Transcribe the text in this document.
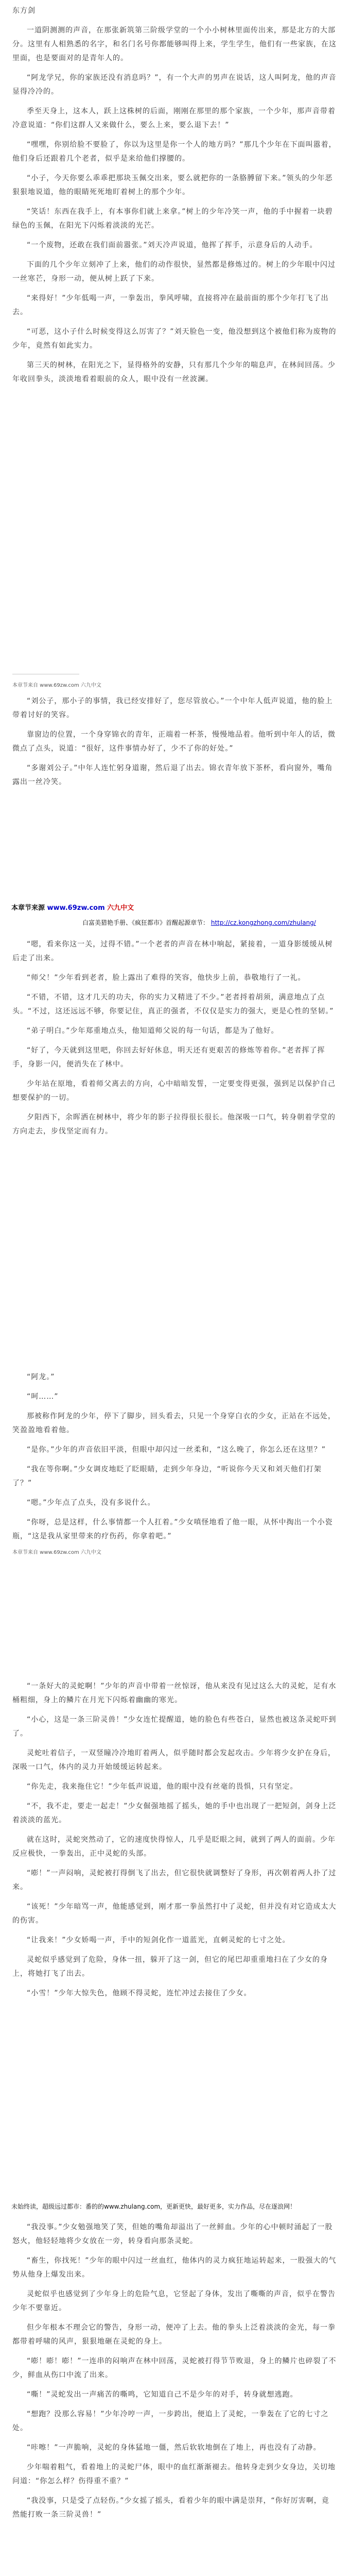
东方剑

一道阴测测的声音，在那张新筑第三阶级学堂的一个小小树林里面传出来，那是北方的大部分。这里有人相熟悉的名字，和名门名号你都能够叫得上来，学生学生，他们有一些家族，在这里面，也是要面对的是青年人的。

“阿龙学兄，你的家族还没有消息吗？”，有一个大声的男声在说话，这人叫阿龙，他的声音显得冷冷的。

季至天身上，这本人，跃上这株树的后面，刚刚在那里的那个家族，一个少年，那声音带着冷意说道：“你们这群人又来做什么，要么上来，要么退下去！”

“嘿嘿，你别给脸不要脸了，你以为这里是你一个人的地方吗？”那几个少年在下面叫嚣着，他们身后还跟着几个老者，似乎是来给他们撑腰的。

“小子，今天你要么乖乖把那块玉佩交出来，要么就把你的一条胳膊留下来。”领头的少年恶狠狠地说道，他的眼睛死死地盯着树上的那个少年。

“笑话！东西在我手上，有本事你们就上来拿。”树上的少年冷笑一声，他的手中握着一块碧绿色的玉佩，在阳光下闪烁着淡淡的光芒。

“一个废物，还敢在我们面前嚣张。”刘天冷声说道，他挥了挥手，示意身后的人动手。

下面的几个少年立刻冲了上来，他们的动作很快，显然都是修炼过的。树上的少年眼中闪过一丝寒芒，身形一动，便从树上跃了下来。

“来得好！”少年低喝一声，一拳轰出，拳风呼啸，直接将冲在最前面的那个少年打飞了出去。

“可恶，这小子什么时候变得这么厉害了？”刘天脸色一变，他没想到这个被他们称为废物的少年，竟然有如此实力。

第三天的树林，在阳光之下，显得格外的安静，只有那几个少年的喘息声，在林间回荡。少年收回拳头，淡淡地看着眼前的众人，眼中没有一丝波澜。

本章节来自 www.69zw.com 六九中文

“刘公子，那小子的事情，我已经安排好了，您尽管放心。”一个中年人低声说道，他的脸上带着讨好的笑容。

靠窗边的位置，一个身穿锦衣的青年，正端着一杯茶，慢慢地品着。他听到中年人的话，微微点了点头，说道：“很好，这件事情办好了，少不了你的好处。”

“多谢刘公子。”中年人连忙躬身道谢，然后退了出去。锦衣青年放下茶杯，看向窗外，嘴角露出一丝冷笑。

本章节来源 www.69zw.com 六九中文
白富美猎艳手册、《疯狂都市》首醒起源章节： http://cz.kongzhong.com/zhulang/

“嗯，看来你这一关，过得不错。”一个老者的声音在林中响起，紧接着，一道身影缓缓从树后走了出来。

“师父！”少年看到老者，脸上露出了难得的笑容，他快步上前，恭敬地行了一礼。

“不错，不错，这才几天的功夫，你的实力又精进了不少。”老者捋着胡须，满意地点了点头。“不过，这还远远不够，你要记住，真正的强者，不仅仅是实力的强大，更是心性的坚韧。”

“弟子明白。”少年郑重地点头，他知道师父说的每一句话，都是为了他好。

“好了，今天就到这里吧，你回去好好休息，明天还有更艰苦的修炼等着你。”老者挥了挥手，身影一闪，便消失在了林中。

少年站在原地，看着师父离去的方向，心中暗暗发誓，一定要变得更强，强到足以保护自己想要保护的一切。

夕阳西下，余晖洒在树林中，将少年的影子拉得很长很长。他深吸一口气，转身朝着学堂的方向走去，步伐坚定而有力。

“阿龙。”

“呵……”

那被称作阿龙的少年，停下了脚步，回头看去，只见一个身穿白衣的少女，正站在不远处，笑盈盈地看着他。

“是你。”少年的声音依旧平淡，但眼中却闪过一丝柔和，“这么晚了，你怎么还在这里？”

“我在等你啊。”少女调皮地眨了眨眼睛，走到少年身边，“听说你今天又和刘天他们打架了？”

“嗯。”少年点了点头，没有多说什么。

“你呀，总是这样，什么事情都一个人扛着。”少女嗔怪地看了他一眼，从怀中掏出一个小瓷瓶，“这是我从家里带来的疗伤药，你拿着吧。”

本章节来自 www.69zw.com 六九中文

“一条好大的灵蛇啊！”少年的声音中带着一丝惊讶，他从来没有见过这么大的灵蛇，足有水桶粗细，身上的鳞片在月光下闪烁着幽幽的寒光。

“小心，这是一条三阶灵兽！”少女连忙提醒道，她的脸色有些苍白，显然也被这条灵蛇吓到了。

灵蛇吐着信子，一双竖瞳冷冷地盯着两人，似乎随时都会发起攻击。少年将少女护在身后，深吸一口气，体内的灵力开始缓缓运转起来。

“你先走，我来拖住它！”少年低声说道，他的眼中没有丝毫的畏惧，只有坚定。

“不，我不走，要走一起走！”少女倔强地摇了摇头，她的手中也出现了一把短剑，剑身上泛着淡淡的蓝光。

就在这时，灵蛇突然动了，它的速度快得惊人，几乎是眨眼之间，就到了两人的面前。少年反应极快，一拳轰出，正中灵蛇的头部。

“嘭！”一声闷响，灵蛇被打得倒飞了出去，但它很快就调整好了身形，再次朝着两人扑了过来。

“该死！”少年暗骂一声，他能感觉到，刚才那一拳虽然打中了灵蛇，但并没有对它造成太大的伤害。

“让我来！”少女娇喝一声，手中的短剑化作一道蓝光，直刺灵蛇的七寸之处。

灵蛇似乎感觉到了危险，身体一扭，躲开了这一剑，但它的尾巴却重重地扫在了少女的身上，将她打飞了出去。

“小雪！”少年大惊失色，他顾不得灵蛇，连忙冲过去接住了少女。

未始终读，超级远过都市：番的的www.zhulang.com，更新更快，最好更多，实力作品，尽在逐浪网！

“我没事。”少女勉强地笑了笑，但她的嘴角却溢出了一丝鲜血。少年的心中顿时涌起了一股怒火，他轻轻地将少女放在一旁，转身看向那条灵蛇。

“畜生，你找死！”少年的眼中闪过一丝血红，他体内的灵力疯狂地运转起来，一股强大的气势从他身上爆发出来。

灵蛇似乎也感觉到了少年身上的危险气息，它竖起了身体，发出了嘶嘶的声音，似乎在警告少年不要靠近。

但少年根本不理会它的警告，身形一动，便冲了上去。他的拳头上泛着淡淡的金光，每一拳都带着呼啸的风声，狠狠地砸在灵蛇的身上。

“嘭！嘭！嘭！”一连串的闷响声在林中回荡，灵蛇被打得节节败退，身上的鳞片也碎裂了不少，鲜血从伤口中流了出来。

“嘶！”灵蛇发出一声痛苦的嘶鸣，它知道自己不是少年的对手，转身就想逃跑。

“想跑？没那么容易！”少年冷哼一声，一步跨出，便追上了灵蛇，一拳轰在了它的七寸之处。

“咔嚓！”一声脆响，灵蛇的身体猛地一僵，然后软软地倒在了地上，再也没有了动静。

少年喘着粗气，看着地上的灵蛇尸体，眼中的血红渐渐褪去。他转身走到少女身边，关切地问道：“你怎么样？伤得重不重？”

“我没事，只是受了点轻伤。”少女摇了摇头，看着少年的眼中满是崇拜，“你好厉害啊，竟然能打败一条三阶灵兽！”
